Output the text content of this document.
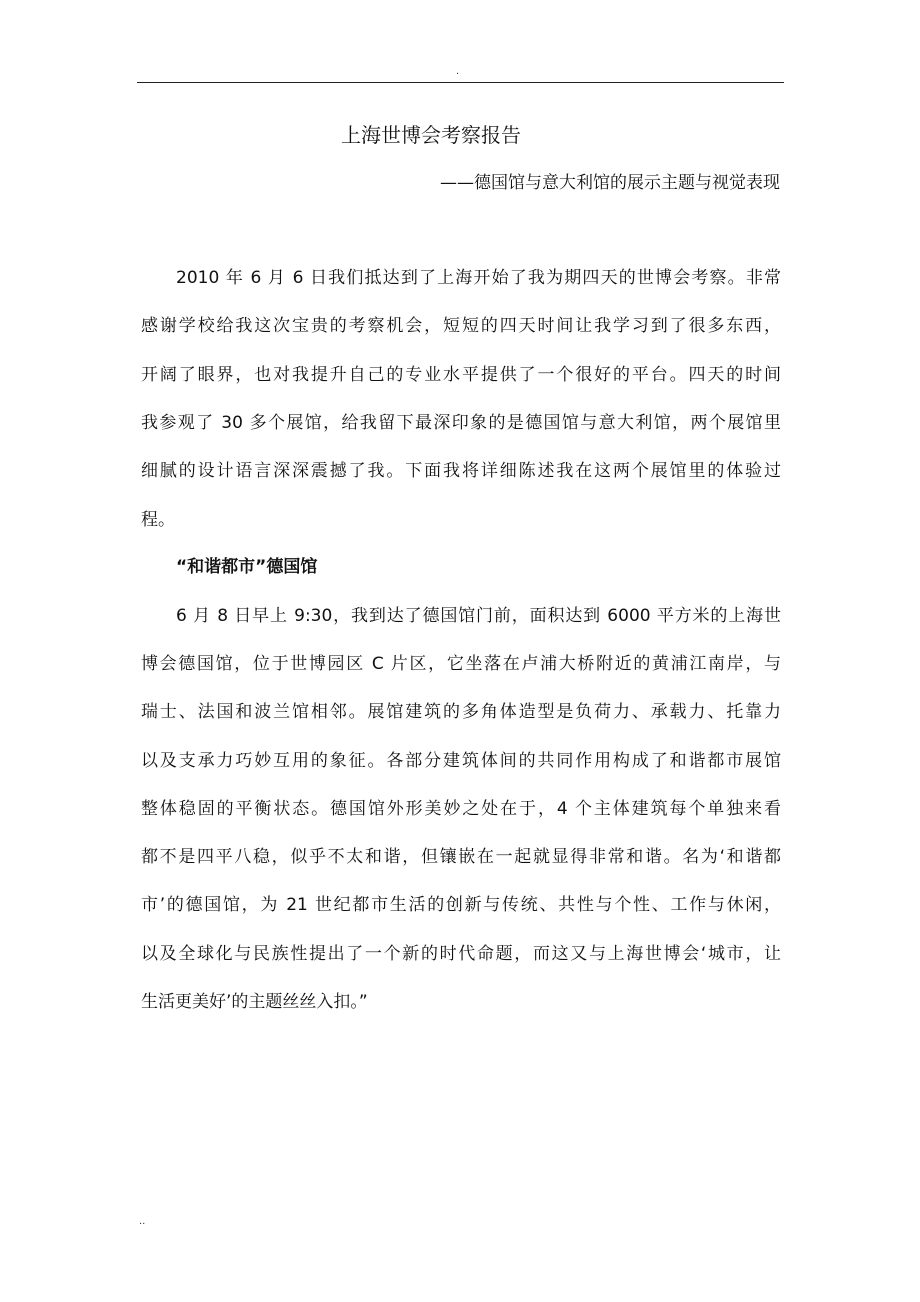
.
上海世博会考察报告
——德国馆与意大利馆的展示主题与视觉表现
2010 年 6 月 6 日我们抵达到了上海开始了我为期四天的世博会考察。非常
感谢学校给我这次宝贵的考察机会，短短的四天时间让我学习到了很多东西，
开阔了眼界，也对我提升自己的专业水平提供了一个很好的平台。四天的时间
我参观了 30 多个展馆，给我留下最深印象的是德国馆与意大利馆，两个展馆里
细腻的设计语言深深震撼了我。下面我将详细陈述我在这两个展馆里的体验过
程。
“和谐都市”德国馆
6 月 8 日早上 9:30，我到达了德国馆门前，面积达到 6000 平方米的上海世
博会德国馆，位于世博园区 C 片区，它坐落在卢浦大桥附近的黄浦江南岸，与
瑞士、法国和波兰馆相邻。展馆建筑的多角体造型是负荷力、承载力、托靠力
以及支承力巧妙互用的象征。各部分建筑体间的共同作用构成了和谐都市展馆
整体稳固的平衡状态。德国馆外形美妙之处在于，4 个主体建筑每个单独来看
都不是四平八稳，似乎不太和谐，但镶嵌在一起就显得非常和谐。名为‘和谐都
市’的德国馆，为 21 世纪都市生活的创新与传统、共性与个性、工作与休闲，
以及全球化与民族性提出了一个新的时代命题，而这又与上海世博会‘城市，让
生活更美好’的主题丝丝入扣。”
..
